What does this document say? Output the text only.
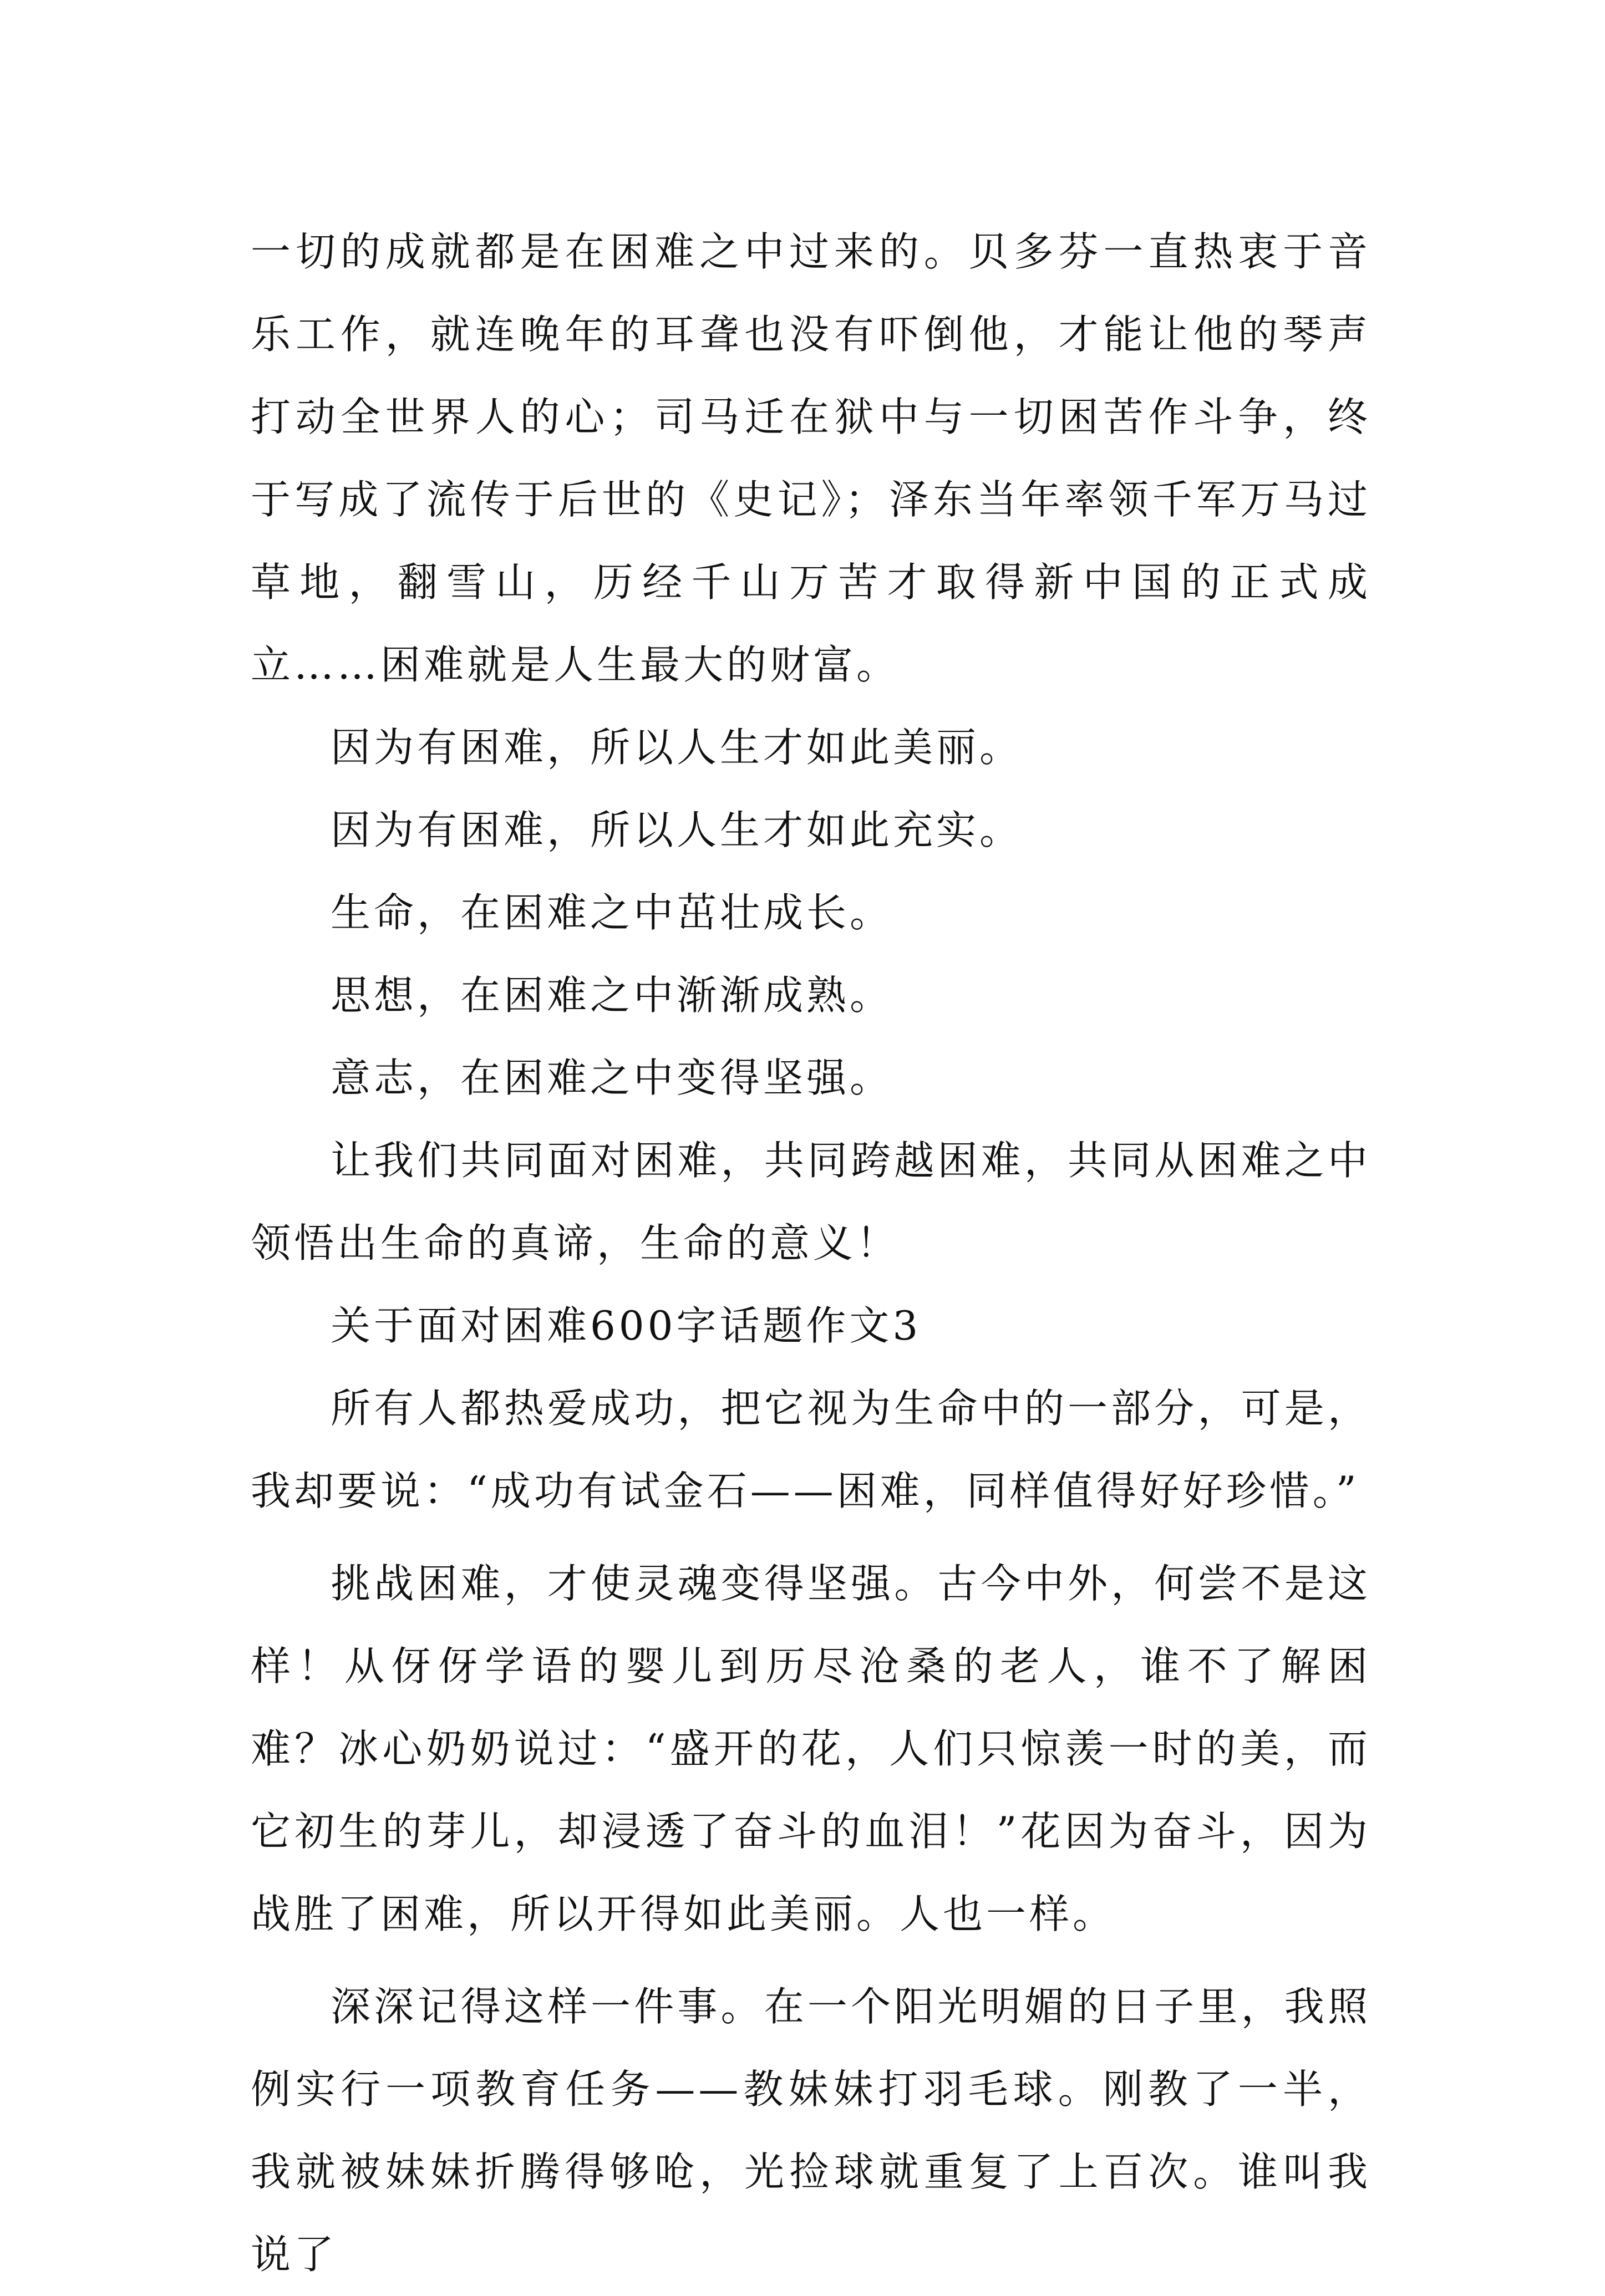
一切的成就都是在困难之中过来的。贝多芬一直热衷于音乐工作，就连晚年的耳聋也没有吓倒他，才能让他的琴声打动全世界人的心；司马迁在狱中与一切困苦作斗争，终于写成了流传于后世的《史记》；泽东当年率领千军万马过草地，翻雪山，历经千山万苦才取得新中国的正式成立……困难就是人生最大的财富。

因为有困难，所以人生才如此美丽。

因为有困难，所以人生才如此充实。

生命，在困难之中茁壮成长。

思想，在困难之中渐渐成熟。

意志，在困难之中变得坚强。

让我们共同面对困难，共同跨越困难，共同从困难之中领悟出生命的真谛，生命的意义！

关于面对困难600字话题作文3

所有人都热爱成功，把它视为生命中的一部分，可是，我却要说：“成功有试金石——困难，同样值得好好珍惜。”

挑战困难，才使灵魂变得坚强。古今中外，何尝不是这样！从伢伢学语的婴儿到历尽沧桑的老人，谁不了解困难？冰心奶奶说过：“盛开的花，人们只惊羡一时的美，而它初生的芽儿，却浸透了奋斗的血泪！”花因为奋斗，因为战胜了困难，所以开得如此美丽。人也一样。

深深记得这样一件事。在一个阳光明媚的日子里，我照例实行一项教育任务——教妹妹打羽毛球。刚教了一半，我就被妹妹折腾得够呛，光捡球就重复了上百次。谁叫我说了
